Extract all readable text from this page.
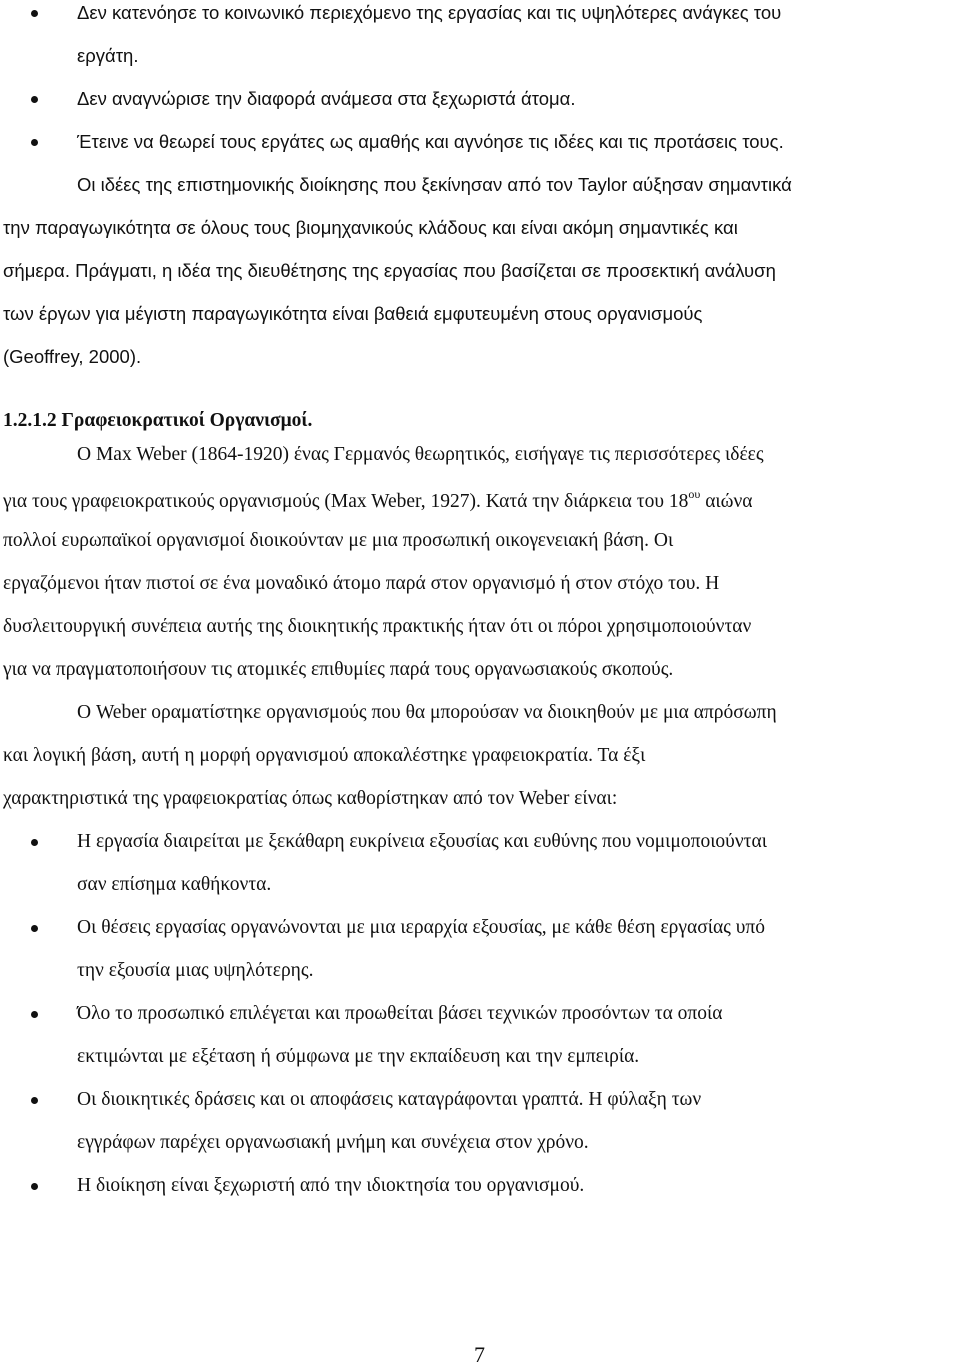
Δεν κατενόησε το κοινωνικό περιεχόμενο της εργασίας και τις υψηλότερες ανάγκες του
εργάτη.
Δεν αναγνώρισε την διαφορά ανάμεσα στα ξεχωριστά άτομα.
Έτεινε να θεωρεί τους εργάτες ως αμαθής και αγνόησε τις ιδέες και τις προτάσεις τους.
Οι ιδέες της επιστημονικής διοίκησης που ξεκίνησαν από τον Taylor αύξησαν σημαντικά
την παραγωγικότητα σε όλους τους βιομηχανικούς κλάδους και είναι ακόμη σημαντικές και
σήμερα. Πράγματι, η ιδέα της διευθέτησης της εργασίας που βασίζεται σε προσεκτική ανάλυση
των έργων για μέγιστη παραγωγικότητα είναι βαθειά εμφυτευμένη στους οργανισμούς
(Geoffrey, 2000).
1.2.1.2 Γραφειοκρατικοί Οργανισμοί.
Ο Max Weber (1864-1920) ένας Γερμανός θεωρητικός, εισήγαγε τις περισσότερες ιδέες
για τους γραφειοκρατικούς οργανισμούς (Max Weber, 1927). Κατά την διάρκεια του $18^{o\upsilon}$ αιώνα
πολλοί ευρωπαϊκοί οργανισμοί διοικούνταν με μια προσωπική οικογενειακή βάση. Οι
εργαζόμενοι ήταν πιστοί σε ένα μοναδικό άτομο παρά στον οργανισμό ή στον στόχο του. Η
δυσλειτουργική συνέπεια αυτής της διοικητικής πρακτικής ήταν ότι οι πόροι χρησιμοποιούνταν
για να πραγματοποιήσουν τις ατομικές επιθυμίες παρά τους οργανωσιακούς σκοπούς.
Ο Weber οραματίστηκε οργανισμούς που θα μπορούσαν να διοικηθούν με μια απρόσωπη
και λογική βάση, αυτή η μορφή οργανισμού αποκαλέστηκε γραφειοκρατία. Τα έξι
χαρακτηριστικά της γραφειοκρατίας όπως καθορίστηκαν από τον Weber είναι:
Η εργασία διαιρείται με ξεκάθαρη ευκρίνεια εξουσίας και ευθύνης που νομιμοποιούνται
σαν επίσημα καθήκοντα.
Οι θέσεις εργασίας οργανώνονται με μια ιεραρχία εξουσίας, με κάθε θέση εργασίας υπό
την εξουσία μιας υψηλότερης.
Όλο το προσωπικό επιλέγεται και προωθείται βάσει τεχνικών προσόντων τα οποία
εκτιμώνται με εξέταση ή σύμφωνα με την εκπαίδευση και την εμπειρία.
Οι διοικητικές δράσεις και οι αποφάσεις καταγράφονται γραπτά. Η φύλαξη των
εγγράφων παρέχει οργανωσιακή μνήμη και συνέχεια στον χρόνο.
Η διοίκηση είναι ξεχωριστή από την ιδιοκτησία του οργανισμού.
7
